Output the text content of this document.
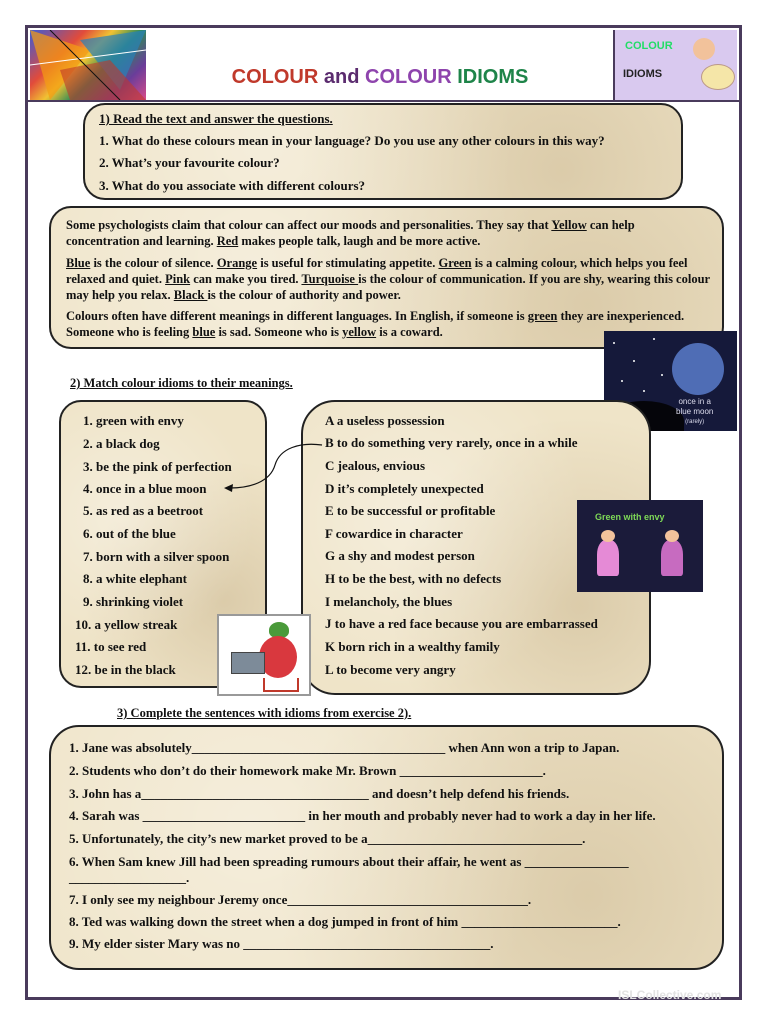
COLOUR
IDIOMS
COLOUR and COLOUR IDIOMS

1) Read the text and answer the questions.

1. What do these colours mean in your language? Do you use any other colours in this way?

2. What’s your favourite colour?

3. What do you associate with different colours?

Some psychologists claim that colour can affect our moods and personalities. They say that Yellow can help concentration and learning. Red makes people talk, laugh and be more active.

Blue is the colour of silence. Orange is useful for stimulating appetite. Green is a calming colour, which helps you feel relaxed and quiet. Pink can make you tired. Turquoise is the colour of communication. If you are shy, wearing this colour may help you relax. Black is the colour of authority and power.

Colours often have different meanings in different languages. In English, if someone is green they are inexperienced. Someone who is feeling blue is sad. Someone who is yellow is a coward.

once in a
blue moon
(rarely)
2) Match colour idioms to their meanings.
1. green with envy
2. a black dog
3. be the pink of perfection
4. once in a blue moon
5. as red as a beetroot
6. out of the blue
7. born with a silver spoon
8. a white elephant
9. shrinking violet
10. a yellow streak
11. to see red
12. be in the black
A a useless possession
B to do something very rarely, once in a while
C jealous, envious
D it’s completely unexpected
E to be successful or profitable
F cowardice in character
G a shy and modest person
H to be the best, with no defects
I melancholy, the blues
J to have a red face because you are embarrassed
K born rich in a wealthy family
L to become very angry
Green with envy
3) Complete the sentences with idioms from exercise 2).

1. Jane was absolutely_______________________________________ when Ann won a trip to Japan.

2. Students who don’t do their homework make Mr. Brown ______________________.

3. John has a___________________________________ and doesn’t help defend his friends.

4. Sarah was _________________________ in her mouth and probably never had to work a day in her life.

5. Unfortunately, the city’s new market proved to be a_________________________________.

6. When Sam knew Jill had been spreading rumours about their affair, he went as ________________

__________________.

7. I only see my neighbour Jeremy once_____________________________________.

8. Ted was walking down the street when a dog jumped in front of him ________________________.

9. My elder sister Mary was no ______________________________________.

ISLCollective.com
